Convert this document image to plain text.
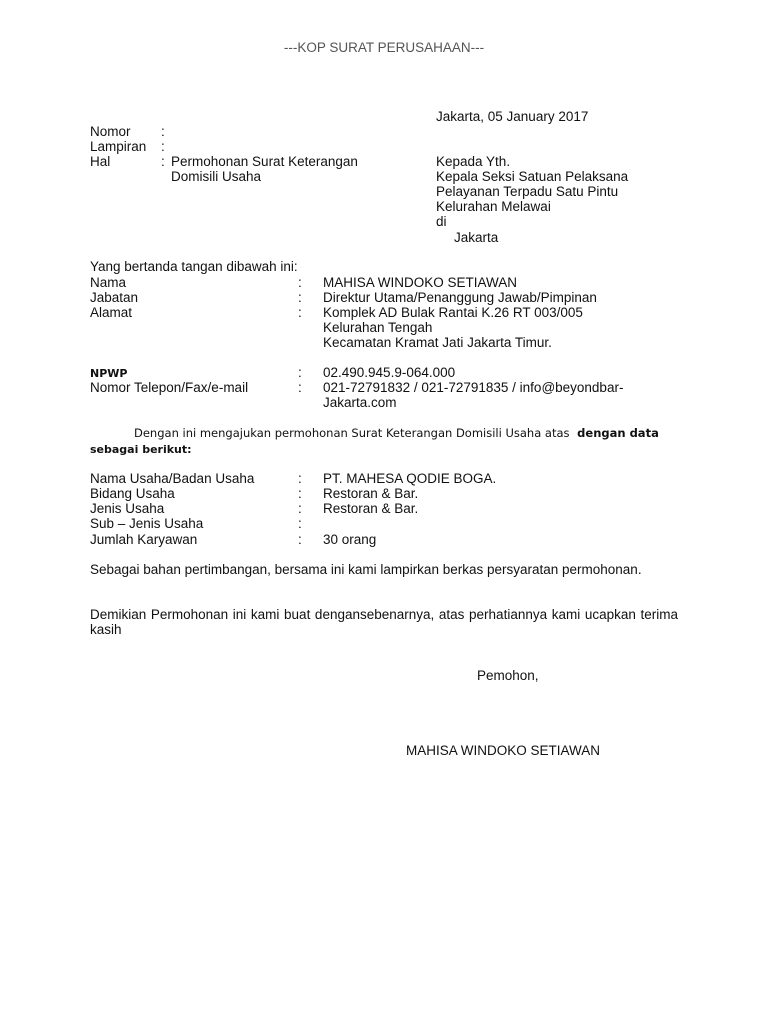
---KOP SURAT PERUSAHAAN---
Jakarta, 05 January 2017
Nomor :
Lampiran :
Hal	: Permohonan Surat Keterangan
Domisili Usaha
Kepada Yth.
Kepala Seksi Satuan Pelaksana
Pelayanan Terpadu Satu Pintu
Kelurahan Melawai
di
Jakarta
Yang bertanda tangan dibawah ini:
Nama	: MAHISA WINDOKO SETIAWAN
Jabatan	: Direktur Utama/Penanggung Jawab/Pimpinan
Alamat	: Komplek AD Bulak Rantai K.26 RT 003/005
Kelurahan Tengah
Kecamatan Kramat Jati Jakarta Timur.
NPWP	: 02.490.945.9-064.000
Nomor Telepon/Fax/e-mail	: 021-72791832 / 021-72791835 / info@beyondbar-
Jakarta.com
Dengan ini mengajukan permohonan Surat Keterangan Domisili Usaha atas dengan data
sebagai berikut:
Nama Usaha/Badan Usaha	: PT. MAHESA QODIE BOGA.
Bidang Usaha	: Restoran & Bar.
Jenis Usaha	: Restoran & Bar.
Sub – Jenis Usaha	:
Jumlah Karyawan	: 30 orang
Sebagai bahan pertimbangan, bersama ini kami lampirkan berkas persyaratan permohonan.
Demikian Permohonan ini kami buat dengansebenarnya, atas perhatiannya kami ucapkan terima kasih
Pemohon,
MAHISA WINDOKO SETIAWAN
